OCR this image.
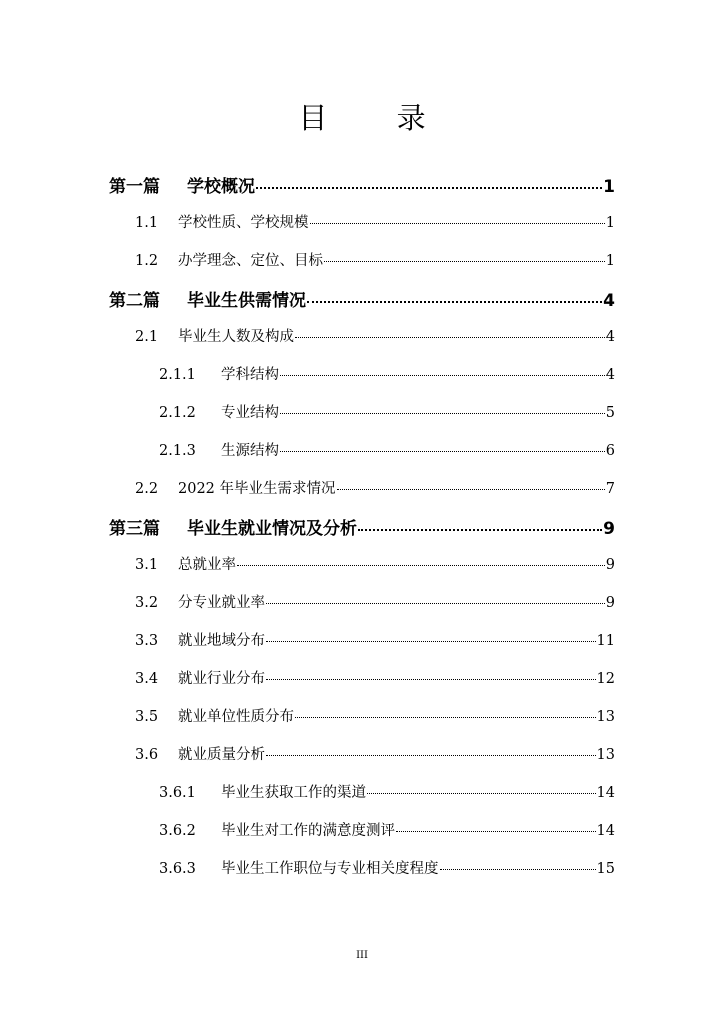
目 录
第一篇	学校概况	1
1.1	学校性质、学校规模	1
1.2	办学理念、定位、目标	1
第二篇	毕业生供需情况	4
2.1	毕业生人数及构成	4
2.1.1	学科结构	4
2.1.2	专业结构	5
2.1.3	生源结构	6
2.2	2022 年毕业生需求情况	7
第三篇	毕业生就业情况及分析	9
3.1	总就业率	9
3.2	分专业就业率	9
3.3	就业地域分布	11
3.4	就业行业分布	12
3.5	就业单位性质分布	13
3.6	就业质量分析	13
3.6.1	毕业生获取工作的渠道	14
3.6.2	毕业生对工作的满意度测评	14
3.6.3	毕业生工作职位与专业相关度程度	15
III
